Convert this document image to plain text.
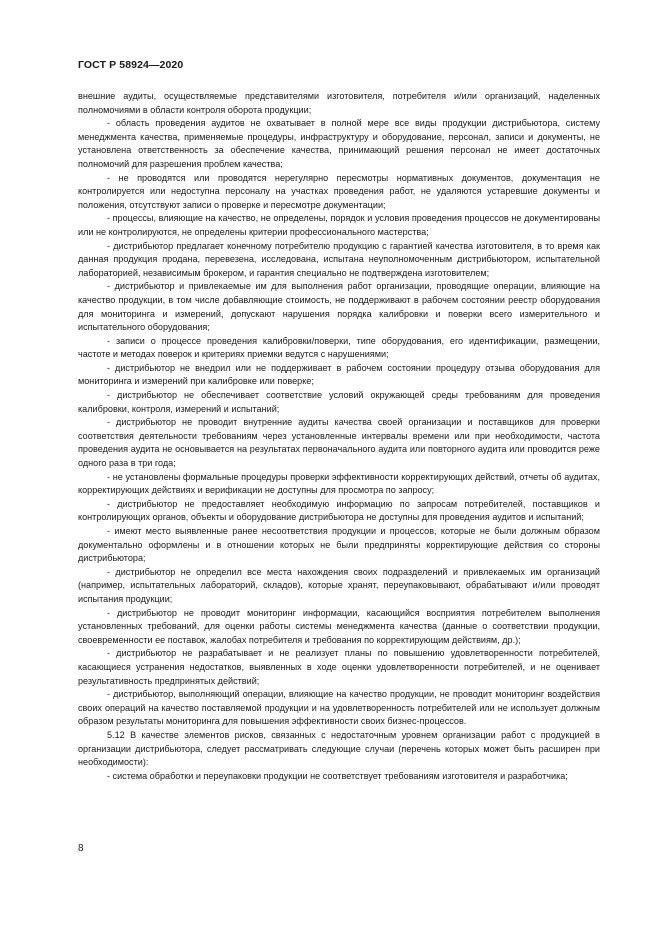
ГОСТ Р 58924—2020

внешние аудиты, осуществляемые представителями изготовителя, потребителя и/или организаций, наделенных полномочиями в области контроля оборота продукции;

- область проведения аудитов не охватывает в полной мере все виды продукции дистрибьютора, систему менеджмента качества, применяемые процедуры, инфраструктуру и оборудование, персонал, записи и документы, не установлена ответственность за обеспечение качества, принимающий решения персонал не имеет достаточных полномочий для разрешения проблем качества;

- не проводятся или проводятся нерегулярно пересмотры нормативных документов, документация не контролируется или недоступна персоналу на участках проведения работ, не удаляются устаревшие документы и положения, отсутствуют записи о проверке и пересмотре документации;

- процессы, влияющие на качество, не определены, порядок и условия проведения процессов не документированы или не контролируются, не определены критерии профессионального мастерства;

- дистрибьютор предлагает конечному потребителю продукцию с гарантией качества изготовителя, в то время как данная продукция продана, перевезена, исследована, испытана неуполномоченным дистрибьютором, испытательной лабораторией, независимым брокером, и гарантия специально не подтверждена изготовителем;

- дистрибьютор и привлекаемые им для выполнения работ организации, проводящие операции, влияющие на качество продукции, в том числе добавляющие стоимость, не поддерживают в рабочем состоянии реестр оборудования для мониторинга и измерений, допускают нарушения порядка калибровки и поверки всего измерительного и испытательного оборудования;

- записи о процессе проведения калибровки/поверки, типе оборудования, его идентификации, размещении, частоте и методах поверок и критериях приемки ведутся с нарушениями;

- дистрибьютор не внедрил или не поддерживает в рабочем состоянии процедуру отзыва оборудования для мониторинга и измерений при калибровке или поверке;

- дистрибьютор не обеспечивает соответствие условий окружающей среды требованиям для проведения калибровки, контроля, измерений и испытаний;

- дистрибьютор не проводит внутренние аудиты качества своей организации и поставщиков для проверки соответствия деятельности требованиям через установленные интервалы времени или при необходимости, частота проведения аудита не основывается на результатах первоначального аудита или повторного аудита или проводится реже одного раза в три года;

- не установлены формальные процедуры проверки эффективности корректирующих действий, отчеты об аудитах, корректирующих действиях и верификации не доступны для просмотра по запросу;

- дистрибьютор не предоставляет необходимую информацию по запросам потребителей, поставщиков и контролирующих органов, объекты и оборудование дистрибьютора не доступны для проведения аудитов и испытаний;

- имеют место выявленные ранее несоответствия продукции и процессов, которые не были должным образом документально оформлены и в отношении которых не были предприняты корректирующие действия со стороны дистрибьютора;

- дистрибьютор не определил все места нахождения своих подразделений и привлекаемых им организаций (например, испытательных лабораторий, складов), которые хранят, переупаковывают, обрабатывают и/или проводят испытания продукции;

- дистрибьютор не проводит мониторинг информации, касающийся восприятия потребителем выполнения установленных требований, для оценки работы системы менеджмента качества (данные о соответствии продукции, своевременности ее поставок, жалобах потребителя и требования по корректирующим действиям, др.);

- дистрибьютор не разрабатывает и не реализует планы по повышению удовлетворенности потребителей, касающиеся устранения недостатков, выявленных в ходе оценки удовлетворенности потребителей, и не оценивает результативность предпринятых действий;

- дистрибьютор, выполняющий операции, влияющие на качество продукции, не проводит мониторинг воздействия своих операций на качество поставляемой продукции и на удовлетворенность потребителей или не использует должным образом результаты мониторинга для повышения эффективности своих бизнес-процессов.

5.12 В качестве элементов рисков, связанных с недостаточным уровнем организации работ с продукцией в организации дистрибьютора, следует рассматривать следующие случаи (перечень которых может быть расширен при необходимости):

- система обработки и переупаковки продукции не соответствует требованиям изготовителя и разработчика;

8
